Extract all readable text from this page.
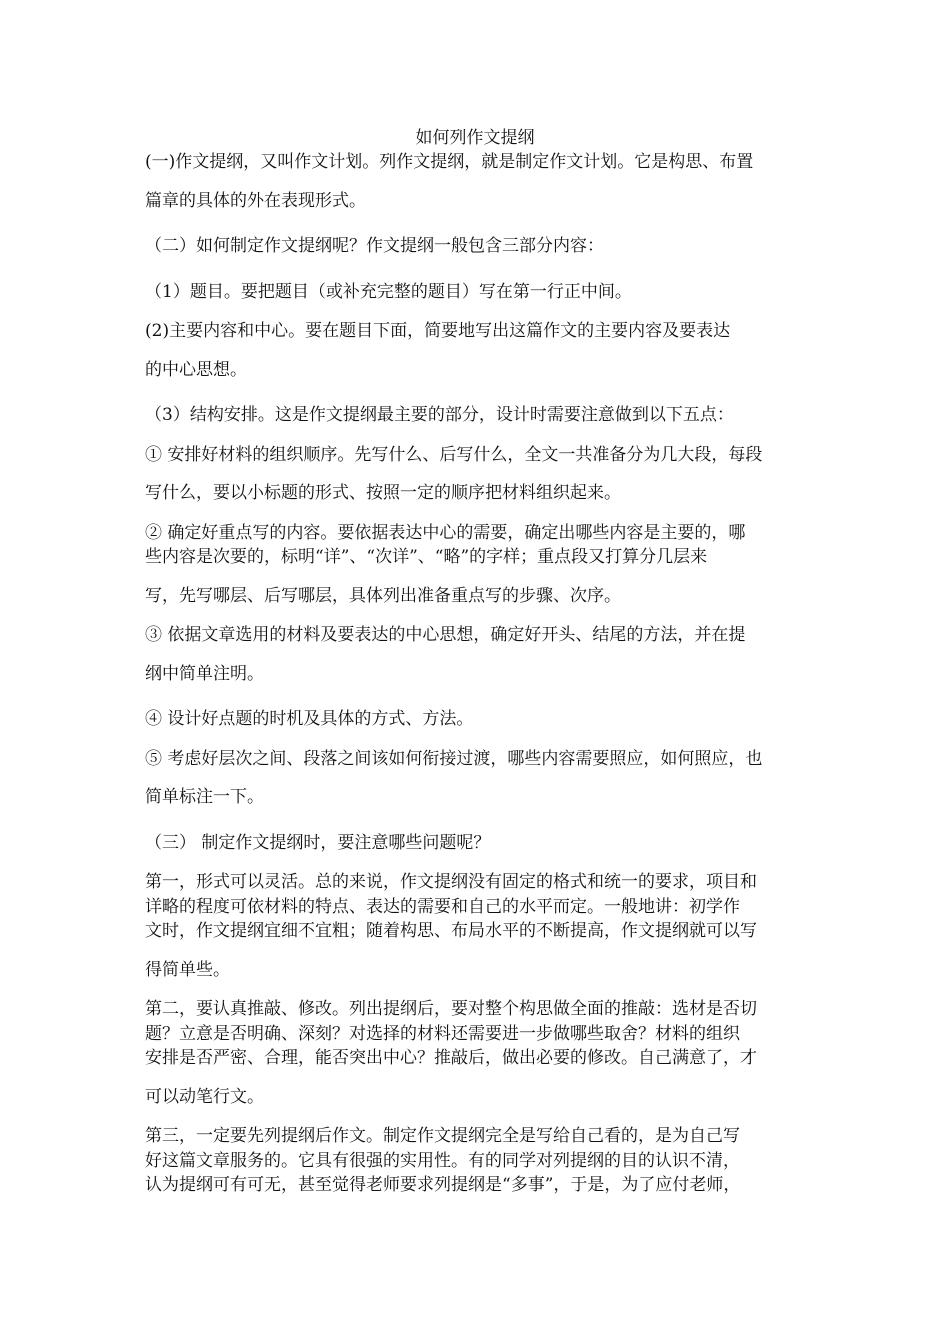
如何列作文提纲

(一)作文提纲，又叫作文计划。列作文提纲，就是制定作文计划。它是构思、布置

篇章的具体的外在表现形式。

（二）如何制定作文提纲呢？作文提纲一般包含三部分内容：

（1）题目。要把题目（或补充完整的题目）写在第一行正中间。

(2)主要内容和中心。要在题目下面，简要地写出这篇作文的主要内容及要表达

的中心思想。

（3）结构安排。这是作文提纲最主要的部分，设计时需要注意做到以下五点：

① 安排好材料的组织顺序。先写什么、后写什么，全文一共准备分为几大段，每段

写什么，要以小标题的形式、按照一定的顺序把材料组织起来。

② 确定好重点写的内容。要依据表达中心的需要，确定出哪些内容是主要的，哪
些内容是次要的，标明“详”、“次详”、“略”的字样；重点段又打算分几层来

写，先写哪层、后写哪层，具体列出准备重点写的步骤、次序。

③ 依据文章选用的材料及要表达的中心思想，确定好开头、结尾的方法，并在提

纲中简单注明。

④ 设计好点题的时机及具体的方式、方法。

⑤ 考虑好层次之间、段落之间该如何衔接过渡，哪些内容需要照应，如何照应，也

简单标注一下。

（三） 制定作文提纲时，要注意哪些问题呢？

第一，形式可以灵活。总的来说，作文提纲没有固定的格式和统一的要求，项目和
详略的程度可依材料的特点、表达的需要和自己的水平而定。一般地讲：初学作
文时，作文提纲宜细不宜粗；随着构思、布局水平的不断提高，作文提纲就可以写

得简单些。

第二，要认真推敲、修改。列出提纲后，要对整个构思做全面的推敲：选材是否切
题？立意是否明确、深刻？对选择的材料还需要进一步做哪些取舍？材料的组织
安排是否严密、合理，能否突出中心？推敲后，做出必要的修改。自己满意了，才

可以动笔行文。

第三，一定要先列提纲后作文。制定作文提纲完全是写给自己看的，是为自己写
好这篇文章服务的。它具有很强的实用性。有的同学对列提纲的目的认识不清，
认为提纲可有可无，甚至觉得老师要求列提纲是“多事”，于是，为了应付老师，
